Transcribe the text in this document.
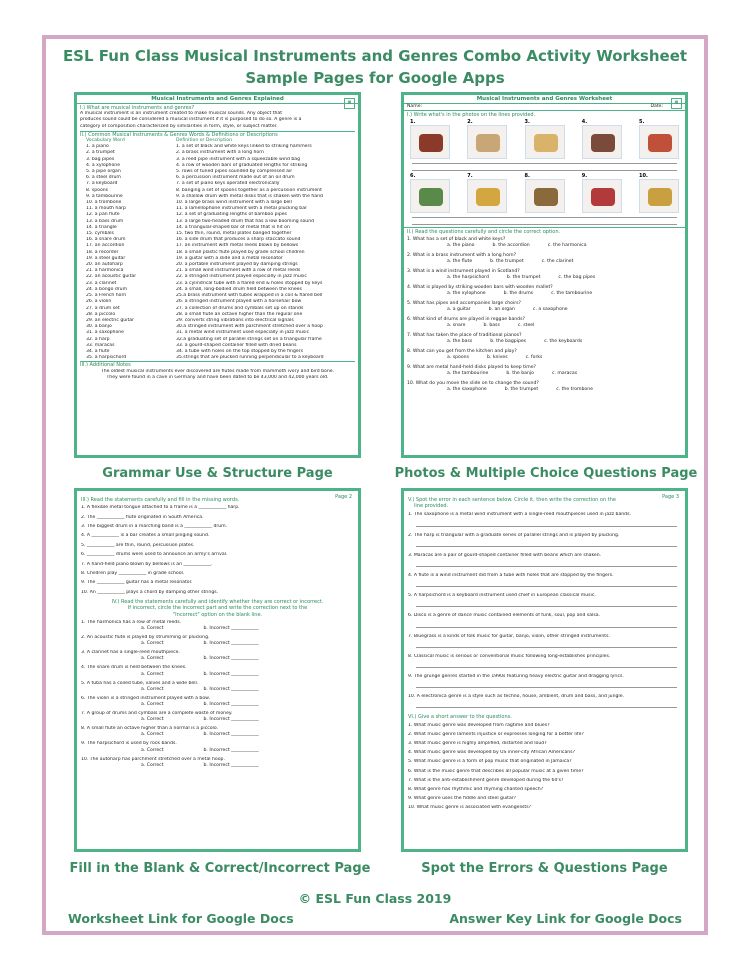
ESL Fun Class Musical Instruments and Genres Combo Activity Worksheet
Sample Pages for Google Apps
▦
Musical Instruments and Genres Explained
I.) What are musical instruments and genres?
A musical instrument is an instrument created to make musical sounds. Any object that
produces sound could be considered a musical instrument if it is purposed to do so. A genre is a
category of composition characterized by similarities in form, style, or subject matter.
II.) Common Musical Instruments & Genres Words & Definitions or Descriptions
Vocabulary Word	Definition or Description
1. a piano	1. a set of black and white keys linked to striking hammers
2. a trumpet	2. a brass instrument with a long horn
3. bag pipes	3. a reed pipe instrument with a squeezable wind bag
4. a xylophone	4. a row of wooden bars of graduated lengths for striking
5. a pipe organ	5. rows of tuned pipes sounded by compressed air
6. a steel drum	6. a percussion instrument made out of an oil drum
7. a keyboard	7. a set of piano keys operated electronically
8. spoons	8. banging a set of spoons together as a percussion instrument
9. a tambourine	9. a shallow drum with metal disks that is shaken with the hand
10. a trombone	10. a large brass wind instrument with a large bell
11. a mouth harp	11. a lamellophone instrument with a metal plucking bar
12. a pan flute	12. a set of graduating lengths of bamboo pipes
13. a bass drum	13. a large two-headed drum that has a low booming sound
14. a triangle	14. a triangular-shaped bar of metal that is hit on
15. cymbals	15. two thin, round, metal plates banged together
16. a snare drum	16. a side drum that produces a sharp staccato sound
17. an accordion	17. an instrument with metal reeds blown by bellows
18. a recorder	18. a small plastic flute played by grade school children
19. a steel guitar	19. a guitar with a slide and a metal resonator
20. an autoharp	20. a portable instrument played by damping strings
21. a harmonica	21. a small wind instrument with a row of metal reeds
22. an acoustic guitar	22. a stringed instrument played especially in jazz music
23. a clarinet	23. a cylindrical tube with a flared end & holes stopped by keys
24. a bongo drum	24. a small, long-bodied drum held between the knees
25. a French horn	25.a brass instrument with tubes wrapped in a coil & flared bell
26. a violin	26. a stringed instrument played with a horsehair bow
27. a drum set	27. a collection of drums and cymbals set up on stands
28. a piccolo	28. a small flute an octave higher than the regular one
29. an electric guitar	29. converts string vibrations into electrical signals
30. a banjo	30.a stringed instrument with parchment stretched over a hoop
31. a saxophone	31. a metal wind instrument used especially in jazz music
32. a harp	32.a graduating set of parallel strings set on a triangular frame
33. maracas	33. a gourd-shaped container filled with dried beans
34. a flute	34. a tube with holes on the top stopped by the fingers
35. a harpsichord	35.strings that are plucked running perpendicular to a keyboard
III.) Additional Notes
The oldest musical instruments ever discovered are flutes made from mammoth ivory and bird bone.
They were found in a cave in Germany and have been dated to be 43,000 and 42,000 years old.
Grammar Use & Structure Page
▦
Musical Instruments and Genres Worksheet
Name:	Date:
I.) Write what's in the photos on the lines provided.
1.	2.	3.	4.	5.
6.	7.	8.	9.	10.
II.) Read the questions carefully and circle the correct option.
1. What has a set of black and white keys?
a. the piano	b. the accordion	c. the harmonica
2. What is a brass instrument with a long horn?
a. the flute	b. the trumpet	c. the clarinet
3. What is a wind instrument played in Scotland?
a. the harpsichord	b. the trumpet	c. the bag pipes
4. What is played by striking wooden bars with wooden mallet?
a. the xylophone	b. the drums	c. the tambourine
5. What has pipes and accompanies large choirs?
a. a guitar	b. an organ	c. a saxophone
6. What kind of drums are played in reggae bands?
a. snare	b. bass	c. steel
7. What has taken the place of traditional pianos?
a. the bass	b. the bagpipes	c. the keyboards
8. What can you get from the kitchen and play?
a. spoons	b. knives	c. forks
9. What are metal hand-held disks played to keep time?
a. the tambourine	b. the banjo	c. maracas
10. What do you move the slide on to change the sound?
a. the saxophone	b. the trumpet	c. the trombone
Photos & Multiple Choice Questions Page
Page 2
III.) Read the statements carefully and fill in the missing words.
1. A flexible metal tongue attached to a frame is a ____________ harp.
2. The ____________ flute originated in South America.
3. The biggest drum in a marching band is a ____________ drum.
4. A ____________ is a bar creates a small pinging sound.
5. ____________ are thin, round, percussion plates.
6. ____________ drums were used to announce an army's arrival.
7. A hand-held piano blown by bellows is an ____________.
8. Children play ____________ in grade school.
9. The ____________ guitar has a metal resonator.
10. An ____________ plays a chord by damping other strings.
IV.) Read the statements carefully and identify whether they are correct or incorrect.
If incorrect, circle the incorrect part and write the correction next to the
"Incorrect" option on the blank line.
1. The harmonica has a row of metal reeds.
a. Correct	b. Incorrect ____________
2. An acoustic flute is played by strumming or plucking.
a. Correct	b. Incorrect ____________
3. A clarinet has a single-reed mouthpiece.
a. Correct	b. Incorrect ____________
4. The snare drum is held between the knees.
a. Correct	b. Incorrect ____________
5. A tuba has a coiled tube, valves and a wide bell.
a. Correct	b. Incorrect ____________
6. The violin is a stringed instrument played with a bow.
a. Correct	b. Incorrect ____________
7. A group of drums and cymbals are a complete waste of money.
a. Correct	b. Incorrect ____________
8. A small flute an octave higher than a normal is a piccolo.
a. Correct	b. Incorrect ____________
9. The harpsichord is used by rock bands.
a. Correct	b. Incorrect ____________
10. The autoharp has parchment stretched over a metal hoop.
a. Correct	b. Incorrect ____________
Fill in the Blank & Correct/Incorrect Page
Page 3
V.) Spot the error in each sentence below. Circle it, then write the correction on the
line provided.
1. The saxophone is a metal wind instrument with a single-reed mouthpieces used in jazz bands.
2. The harp is triangular with a graduate series of parallel strings and is played by plucking.
3. Maracas are a pair of gourd-shaped container filled with beans which are shaken.
4. A flute is a wind instrument did from a tube with holes that are stopped by the fingers.
5. A harpsichord is a keyboard instrument used chief in European classical music.
6. Disco is a genre of dance music contained elements of funk, soul, pop and salsa.
7. Bluegrass is a kinds of folk music for guitar, banjo, violin, other stringed instruments.
8. Classical music is serious or conventional music following long-establishes principles.
9. The grunge genres started in the 1990s featuring heavy electric guitar and dragging lyrics.
10. A electronica genre is a style such as techno, house, ambient, drum and bass, and jungle.
VI.) Give a short answer to the questions.
1. What music genre was developed from ragtime and blues?
2. What music genre laments injustice or expresses longing for a better life?
3. What music genre is highly amplified, distorted and loud?
4. What music genre was developed by US inner-city African Americans?
5. What music genre is a form of pop music that originated in Jamaica?
6. What is the music genre that describes all popular music at a given time?
7. What is the anti-establishment genre developed during the 60's?
8. What genre has rhythmic and rhyming chanted speech?
9. What genre uses the fiddle and steel guitar?
10. What music genre is associated with evangelists?
Spot the Errors & Questions Page
© ESL Fun Class 2019
Worksheet Link for Google Docs	Answer Key Link for Google Docs
